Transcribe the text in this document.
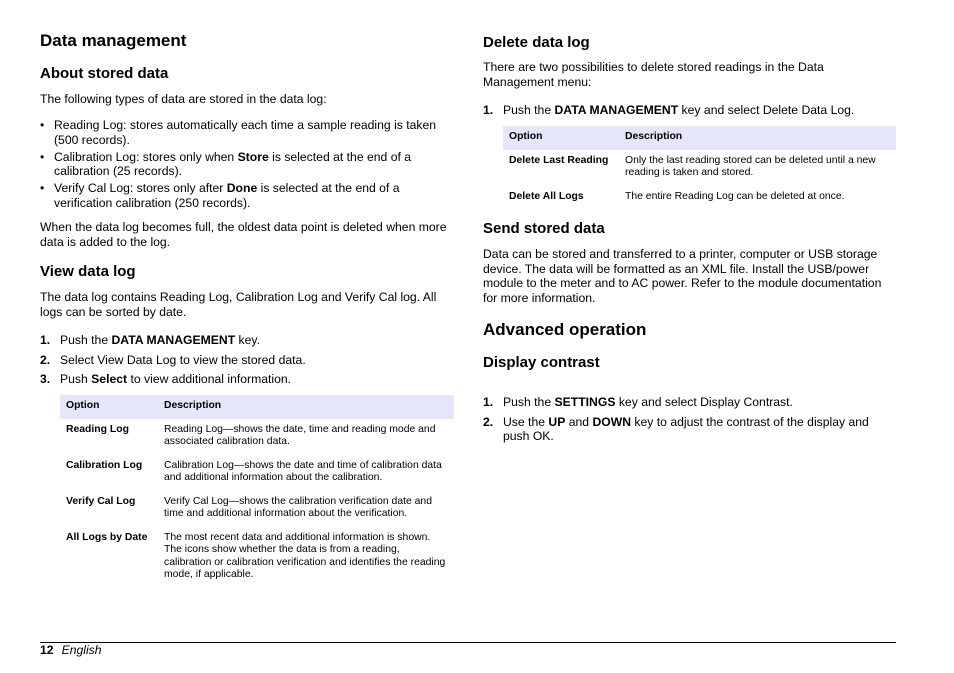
Data management
About stored data

The following types of data are stored in the data log:

• Reading Log: stores automatically each time a sample reading is taken (500 records).
• Calibration Log: stores only when Store is selected at the end of a calibration (25 records).
• Verify Cal Log: stores only after Done is selected at the end of a verification calibration (250 records).

When the data log becomes full, the oldest data point is deleted when more data is added to the log.

View data log

The data log contains Reading Log, Calibration Log and Verify Cal log. All logs can be sorted by date.

1. Push the DATA MANAGEMENT key.
2. Select View Data Log to view the stored data.
3. Push Select to view additional information.
Option	Description
Reading Log	Reading Log—shows the date, time and reading mode and associated calibration data.
Calibration Log	Calibration Log—shows the date and time of calibration data and additional information about the calibration.
Verify Cal Log	Verify Cal Log—shows the calibration verification date and time and additional information about the verification.
All Logs by Date	The most recent data and additional information is shown. The icons show whether the data is from a reading, calibration or calibration verification and identifies the reading mode, if applicable.
Delete data log

There are two possibilities to delete stored readings in the Data Management menu:

1. Push the DATA MANAGEMENT key and select Delete Data Log.
Option	Description
Delete Last Reading	Only the last reading stored can be deleted until a new reading is taken and stored.
Delete All Logs	The entire Reading Log can be deleted at once.
Send stored data

Data can be stored and transferred to a printer, computer or USB storage device. The data will be formatted as an XML file. Install the USB/power module to the meter and to AC power. Refer to the module documentation for more information.

Advanced operation
Display contrast
1. Push the SETTINGS key and select Display Contrast.
2. Use the UP and DOWN key to adjust the contrast of the display and push OK.
12 English
